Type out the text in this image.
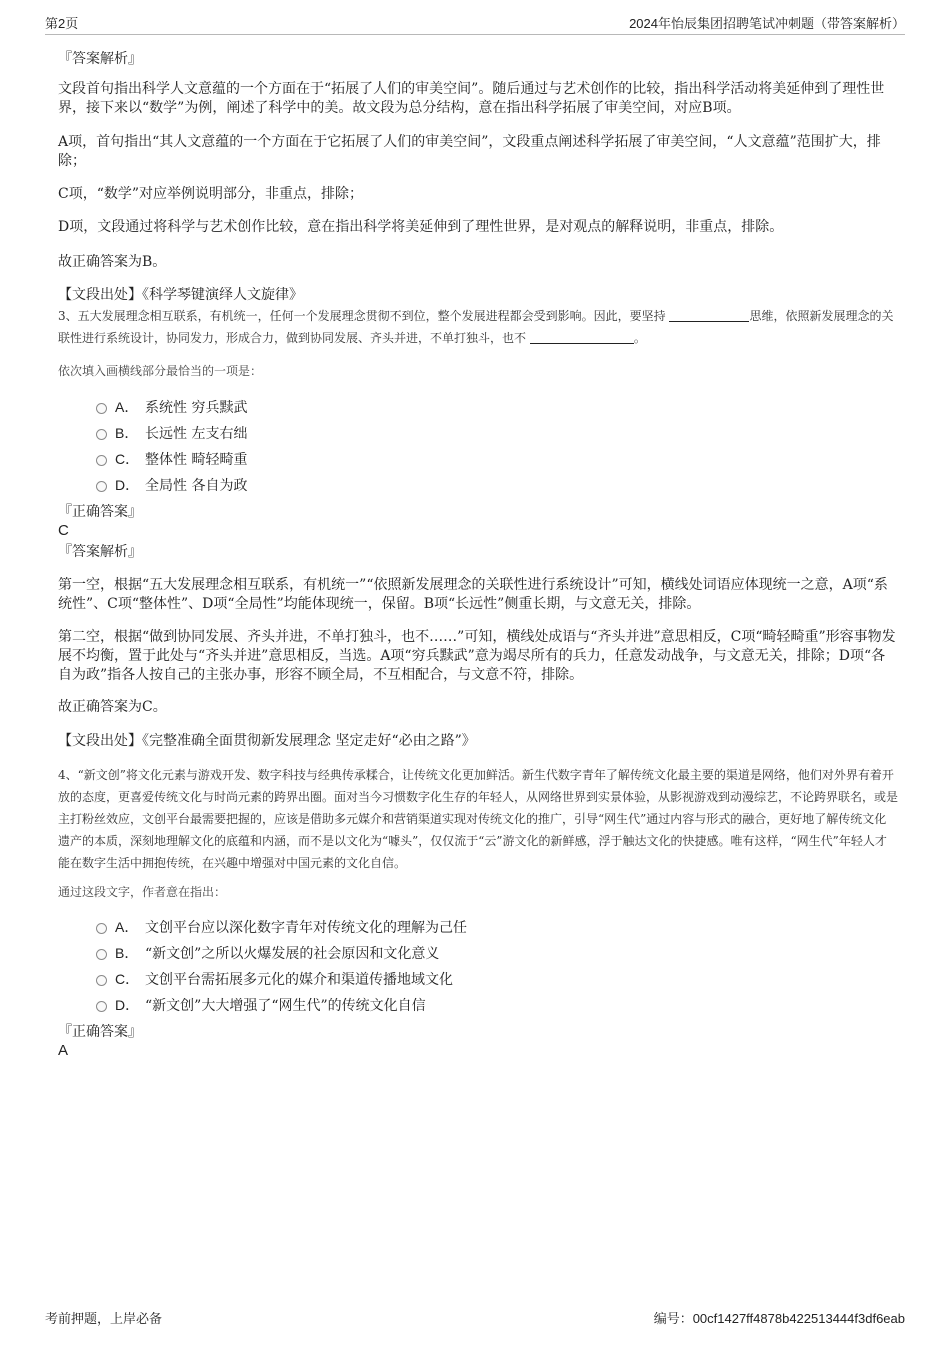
第2页	2024年怡辰集团招聘笔试冲刺题（带答案解析）
『答案解析』
文段首句指出科学人文意蕴的一个方面在于“拓展了人们的审美空间”。随后通过与艺术创作的比较，指出科学活动将美延伸到了理性世界，接下来以“数学”为例，阐述了科学中的美。故文段为总分结构，意在指出科学拓展了审美空间，对应B项。
A项，首句指出“其人文意蕴的一个方面在于它拓展了人们的审美空间”，文段重点阐述科学拓展了审美空间，“人文意蕴”范围扩大，排除；
C项，“数学”对应举例说明部分，非重点，排除；
D项，文段通过将科学与艺术创作比较，意在指出科学将美延伸到了理性世界，是对观点的解释说明，非重点，排除。
故正确答案为B。
【文段出处】《科学琴键演绎人文旋律》
3、五大发展理念相互联系，有机统一，任何一个发展理念贯彻不到位，整个发展进程都会受到影响。因此，要坚持	思维，依照新发展理念的关联性进行系统设计，协同发力，形成合力，做到协同发展、齐头并进，不单打独斗，也不	。
依次填入画横线部分最恰当的一项是：
A． 系统性 穷兵黩武
B． 长远性 左支右绌
C． 整体性 畸轻畸重
D． 全局性 各自为政
『正确答案』
C
『答案解析』
第一空，根据“五大发展理念相互联系，有机统一”“依照新发展理念的关联性进行系统设计”可知，横线处词语应体现统一之意，A项“系统性”、C项“整体性”、D项“全局性”均能体现统一，保留。B项“长远性”侧重长期，与文意无关，排除。
第二空，根据“做到协同发展、齐头并进，不单打独斗，也不……”可知，横线处成语与“齐头并进”意思相反，C项“畸轻畸重”形容事物发展不均衡，置于此处与“齐头并进”意思相反，当选。A项“穷兵黩武”意为竭尽所有的兵力，任意发动战争，与文意无关，排除；D项“各自为政”指各人按自己的主张办事，形容不顾全局，不互相配合，与文意不符，排除。
故正确答案为C。
【文段出处】《完整准确全面贯彻新发展理念 坚定走好“必由之路”》
4、“新文创”将文化元素与游戏开发、数字科技与经典传承糅合，让传统文化更加鲜活。新生代数字青年了解传统文化最主要的渠道是网络，他们对外界有着开放的态度，更喜爱传统文化与时尚元素的跨界出圈。面对当今习惯数字化生存的年轻人，从网络世界到实景体验，从影视游戏到动漫综艺，不论跨界联名，或是主打粉丝效应，文创平台最需要把握的，应该是借助多元媒介和营销渠道实现对传统文化的推广，引导“网生代”通过内容与形式的融合，更好地了解传统文化遗产的本质，深刻地理解文化的底蕴和内涵，而不是以文化为“噱头”，仅仅流于“云”游文化的新鲜感，浮于触达文化的快捷感。唯有这样，“网生代”年轻人才能在数字生活中拥抱传统，在兴趣中增强对中国元素的文化自信。
通过这段文字，作者意在指出：
A． 文创平台应以深化数字青年对传统文化的理解为己任
B． “新文创”之所以火爆发展的社会原因和文化意义
C． 文创平台需拓展多元化的媒介和渠道传播地域文化
D． “新文创”大大增强了“网生代”的传统文化自信
『正确答案』
A
考前押题，上岸必备	编号：00cf1427ff4878b422513444f3df6eab
